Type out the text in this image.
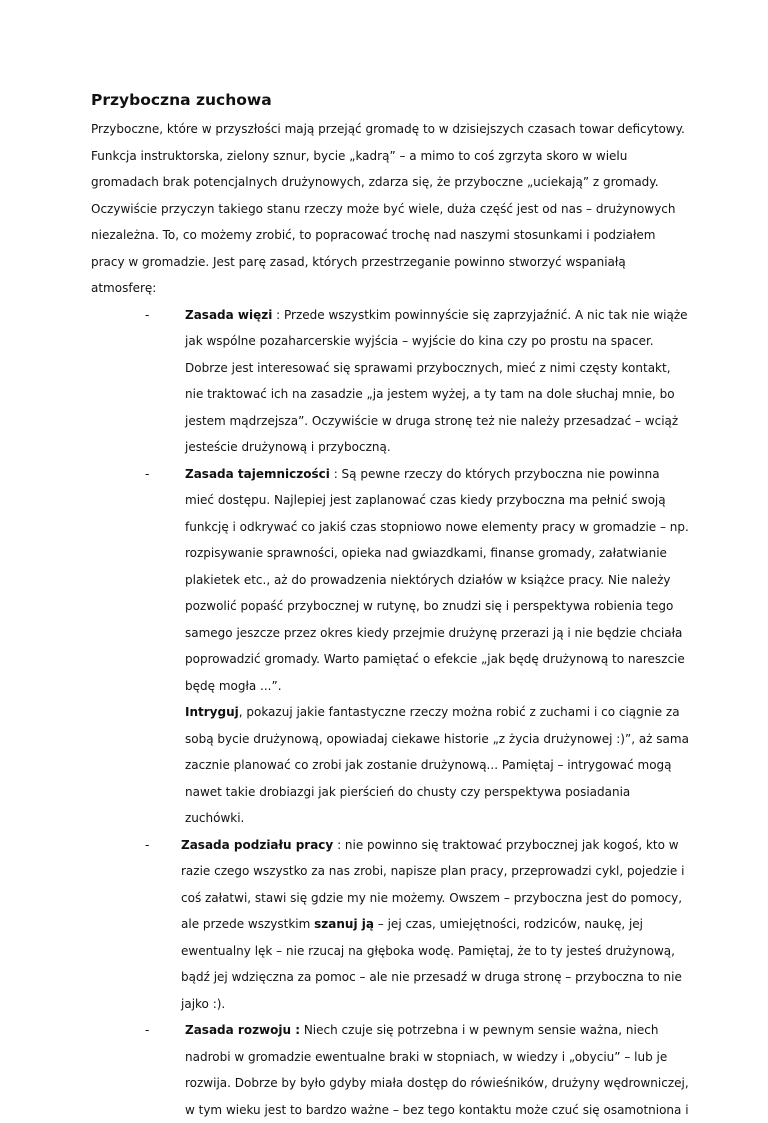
Przyboczna zuchowa

Przyboczne, które w przyszłości mają przejąć gromadę to w dzisiejszych czasach towar deficytowy. Funkcja instruktorska, zielony sznur, bycie „kadrą” – a mimo to coś zgrzyta skoro w wielu gromadach brak potencjalnych drużynowych, zdarza się, że przyboczne „uciekają” z gromady. Oczywiście przyczyn takiego stanu rzeczy może być wiele, duża część jest od nas – drużynowych niezależna. To, co możemy zrobić, to popracować trochę nad naszymi stosunkami i podziałem pracy w gromadzie. Jest parę zasad, których przestrzeganie powinno stworzyć wspaniałą atmosferę:

-	Zasada więzi : Przede wszystkim powinnyście się zaprzyjaźnić. A nic tak nie wiąże jak wspólne pozaharcerskie wyjścia – wyjście do kina czy po prostu na spacer. Dobrze jest interesować się sprawami przybocznych, mieć z nimi częsty kontakt, nie traktować ich na zasadzie „ja jestem wyżej, a ty tam na dole słuchaj mnie, bo jestem mądrzejsza”. Oczywiście w druga stronę też nie należy przesadzać – wciąż jesteście drużynową i przyboczną.
-	Zasada tajemniczości : Są pewne rzeczy do których przyboczna nie powinna mieć dostępu. Najlepiej jest zaplanować czas kiedy przyboczna ma pełnić swoją funkcję i odkrywać co jakiś czas stopniowo nowe elementy pracy w gromadzie – np. rozpisywanie sprawności, opieka nad gwiazdkami, finanse gromady, załatwianie plakietek etc., aż do prowadzenia niektórych działów w książce pracy. Nie należy pozwolić popaść przybocznej w rutynę, bo znudzi się i perspektywa robienia tego samego jeszcze przez okres kiedy przejmie drużynę przerazi ją i nie będzie chciała poprowadzić gromady. Warto pamiętać o efekcie „jak będę drużynową to nareszcie będę mogła ...”.
Intryguj, pokazuj jakie fantastyczne rzeczy można robić z zuchami i co ciągnie za sobą bycie drużynową, opowiadaj ciekawe historie „z życia drużynowej :)”, aż sama zacznie planować co zrobi jak zostanie drużynową... Pamiętaj – intrygować mogą nawet takie drobiazgi jak pierścień do chusty czy perspektywa posiadania zuchówki.
-	Zasada podziału pracy : nie powinno się traktować przybocznej jak kogoś, kto w razie czego wszystko za nas zrobi, napisze plan pracy, przeprowadzi cykl, pojedzie i coś załatwi, stawi się gdzie my nie możemy. Owszem – przyboczna jest do pomocy, ale przede wszystkim szanuj ją – jej czas, umiejętności, rodziców, naukę, jej ewentualny lęk – nie rzucaj na głęboka wodę. Pamiętaj, że to ty jesteś drużynową, bądź jej wdzięczna za pomoc – ale nie przesadź w druga stronę – przyboczna to nie jajko :).
-	Zasada rozwoju : Niech czuje się potrzebna i w pewnym sensie ważna, niech nadrobi w gromadzie ewentualne braki w stopniach, w wiedzy i „obyciu” – lub je rozwija. Dobrze by było gdyby miała dostęp do rówieśników, drużyny wędrowniczej, w tym wieku jest to bardzo ważne – bez tego kontaktu może czuć się osamotniona i
